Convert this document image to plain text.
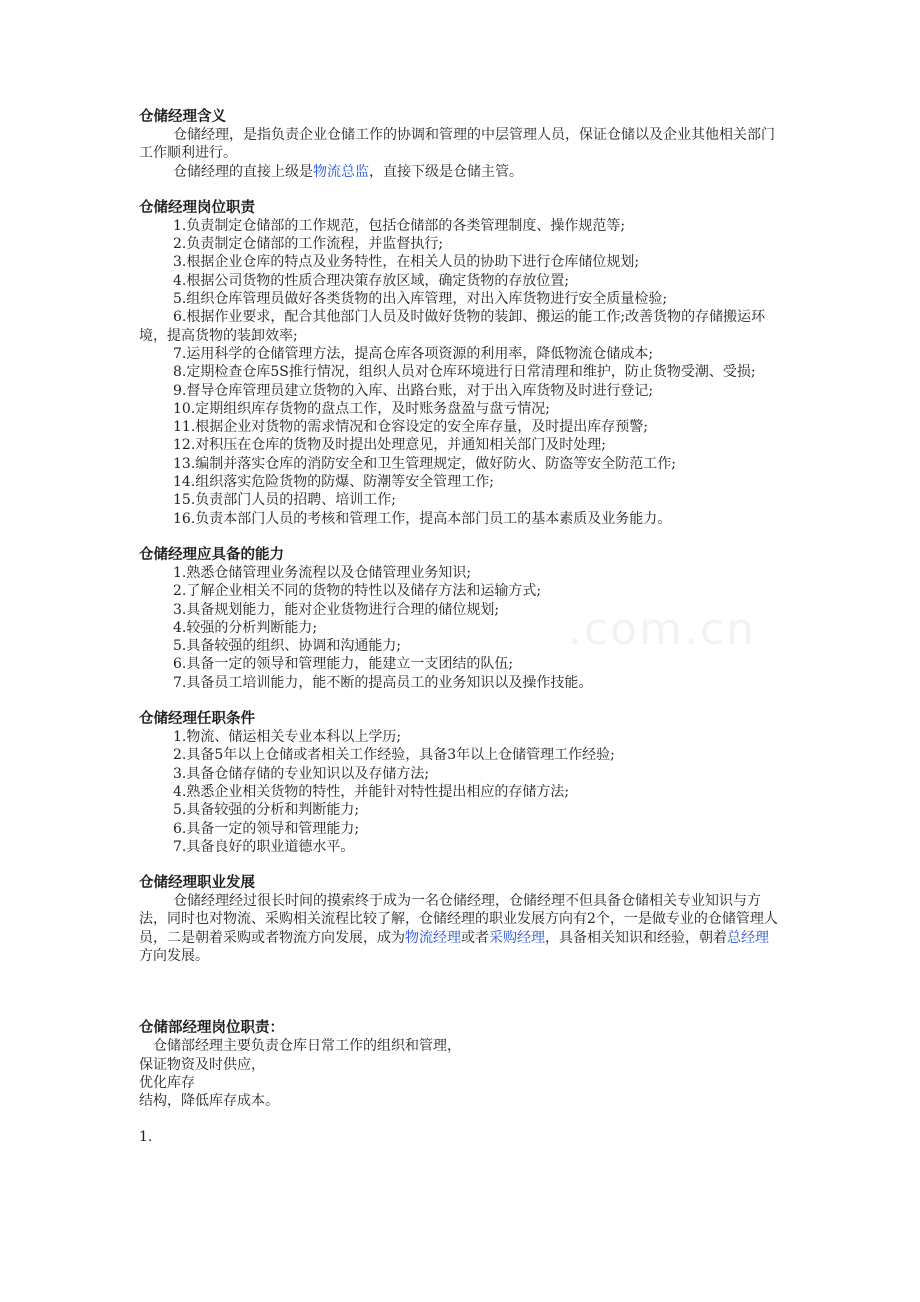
.com.cn
仓储经理含义

仓储经理，是指负责企业仓储工作的协调和管理的中层管理人员，保证仓储以及企业其他相关部门工作顺利进行。

仓储经理的直接上级是物流总监，直接下级是仓储主管。

仓储经理岗位职责

1.负责制定仓储部的工作规范，包括仓储部的各类管理制度、操作规范等;

2.负责制定仓储部的工作流程，并监督执行;

3.根据企业仓库的特点及业务特性，在相关人员的协助下进行仓库储位规划;

4.根据公司货物的性质合理决策存放区域，确定货物的存放位置;

5.组织仓库管理员做好各类货物的出入库管理，对出入库货物进行安全质量检验;

6.根据作业要求，配合其他部门人员及时做好货物的装卸、搬运的能工作;改善货物的存储搬运环境，提高货物的装卸效率;

7.运用科学的仓储管理方法，提高仓库各项资源的利用率，降低物流仓储成本;

8.定期检查仓库5S推行情况，组织人员对仓库环境进行日常清理和维护，防止货物受潮、受损;

9.督导仓库管理员建立货物的入库、出路台账，对于出入库货物及时进行登记;

10.定期组织库存货物的盘点工作，及时账务盘盈与盘亏情况;

11.根据企业对货物的需求情况和仓容设定的安全库存量，及时提出库存预警;

12.对积压在仓库的货物及时提出处理意见，并通知相关部门及时处理;

13.编制并落实仓库的消防安全和卫生管理规定，做好防火、防盗等安全防范工作;

14.组织落实危险货物的防爆、防潮等安全管理工作;

15.负责部门人员的招聘、培训工作;

16.负责本部门人员的考核和管理工作，提高本部门员工的基本素质及业务能力。

仓储经理应具备的能力

1.熟悉仓储管理业务流程以及仓储管理业务知识;

2.了解企业相关不同的货物的特性以及储存方法和运输方式;

3.具备规划能力，能对企业货物进行合理的储位规划;

4.较强的分析判断能力;

5.具备较强的组织、协调和沟通能力;

6.具备一定的领导和管理能力，能建立一支团结的队伍;

7.具备员工培训能力，能不断的提高员工的业务知识以及操作技能。

仓储经理任职条件

1.物流、储运相关专业本科以上学历;

2.具备5年以上仓储或者相关工作经验，具备3年以上仓储管理工作经验;

3.具备仓储存储的专业知识以及存储方法;

4.熟悉企业相关货物的特性，并能针对特性提出相应的存储方法;

5.具备较强的分析和判断能力;

6.具备一定的领导和管理能力;

7.具备良好的职业道德水平。

仓储经理职业发展

仓储经理经过很长时间的摸索终于成为一名仓储经理，仓储经理不但具备仓储相关专业知识与方法，同时也对物流、采购相关流程比较了解，仓储经理的职业发展方向有2个，一是做专业的仓储管理人员，二是朝着采购或者物流方向发展，成为物流经理或者采购经理，具备相关知识和经验，朝着总经理方向发展。

仓储部经理岗位职责：

仓储部经理主要负责仓库日常工作的组织和管理，

保证物资及时供应，

优化库存

结构，降低库存成本。

1.
